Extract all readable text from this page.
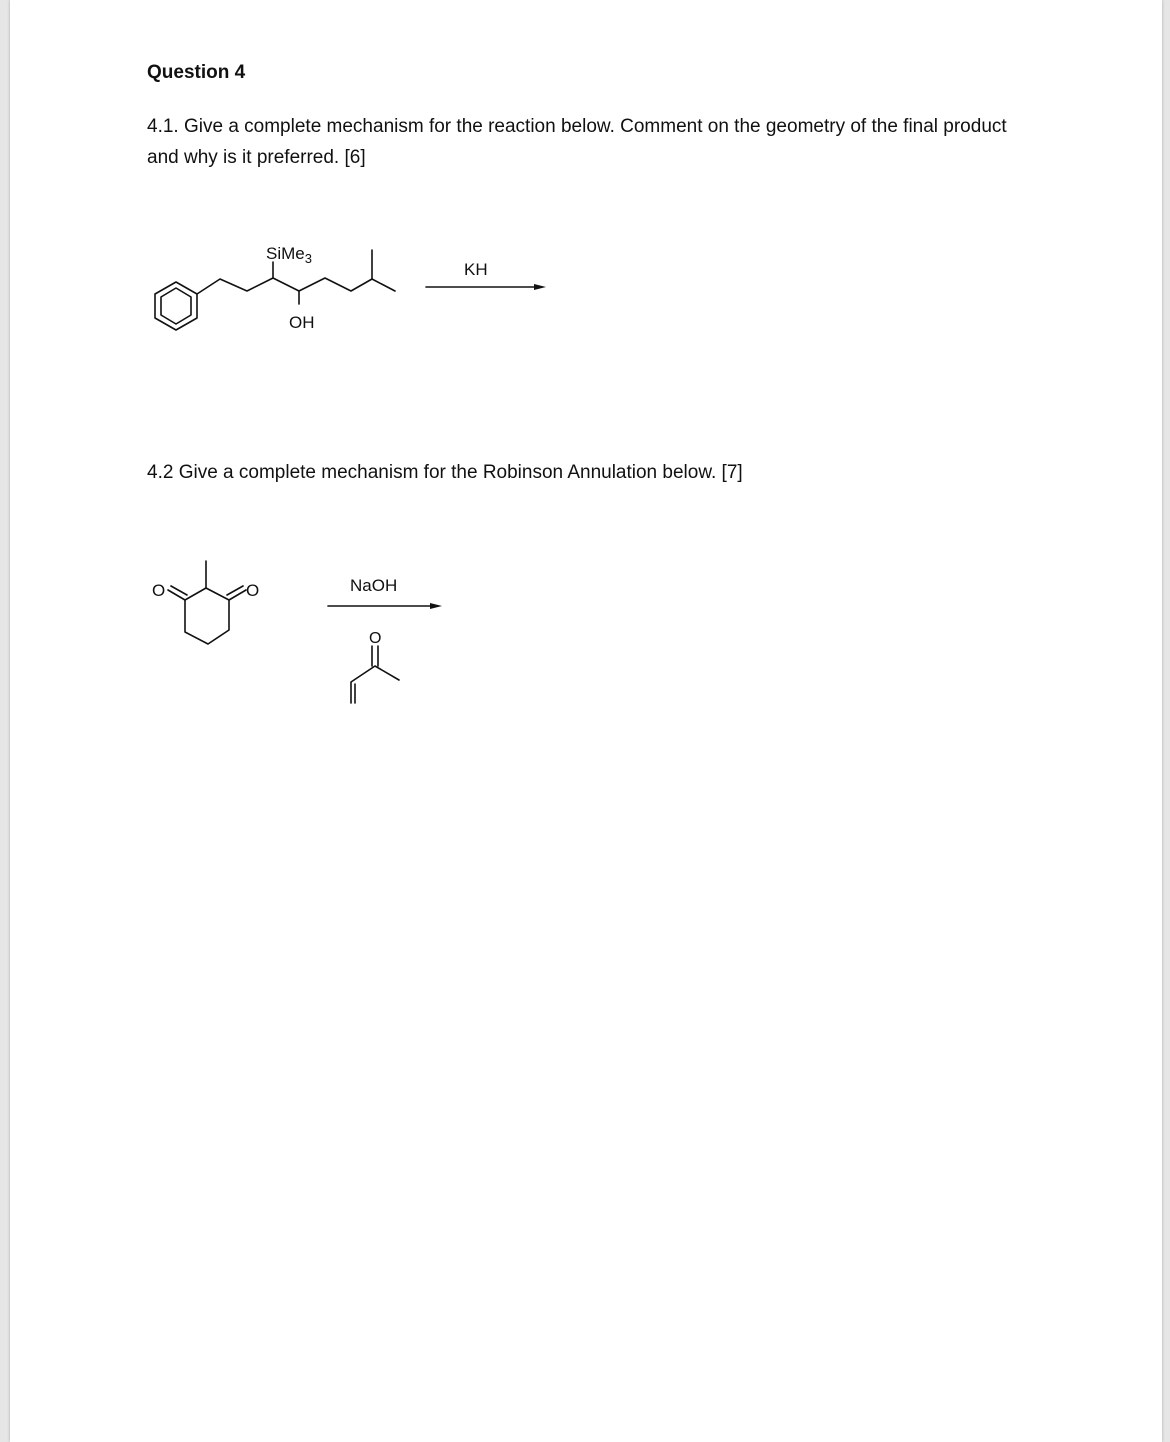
Question 4
4.1. Give a complete mechanism for the reaction below. Comment on the geometry of the final product and why is it preferred. [6]
SiMe$_3$
OH
KH
4.2 Give a complete mechanism for the Robinson Annulation below. [7]
O	O	NaOH
O
